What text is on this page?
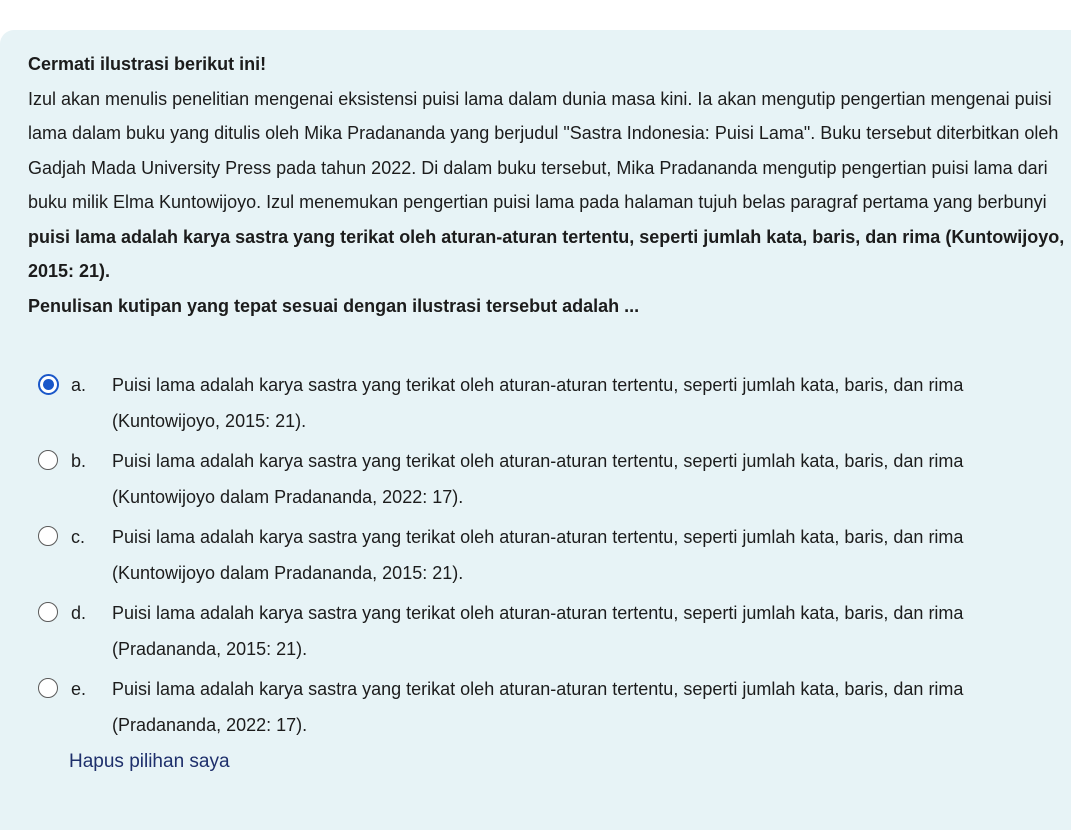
Cermati ilustrasi berikut ini!

Izul akan menulis penelitian mengenai eksistensi puisi lama dalam dunia masa kini. Ia akan mengutip pengertian mengenai puisi lama dalam buku yang ditulis oleh Mika Pradananda yang berjudul "Sastra Indonesia: Puisi Lama". Buku tersebut diterbitkan oleh Gadjah Mada University Press pada tahun 2022. Di dalam buku tersebut, Mika Pradananda mengutip pengertian puisi lama dari buku milik Elma Kuntowijoyo. Izul menemukan pengertian puisi lama pada halaman tujuh belas paragraf pertama yang berbunyi puisi lama adalah karya sastra yang terikat oleh aturan-aturan tertentu, seperti jumlah kata, baris, dan rima (Kuntowijoyo, 2015: 21).

Penulisan kutipan yang tepat sesuai dengan ilustrasi tersebut adalah ...

a.	Puisi lama adalah karya sastra yang terikat oleh aturan-aturan tertentu, seperti jumlah kata, baris, dan rima (Kuntowijoyo, 2015: 21).
b.	Puisi lama adalah karya sastra yang terikat oleh aturan-aturan tertentu, seperti jumlah kata, baris, dan rima (Kuntowijoyo dalam Pradananda, 2022: 17).
c.	Puisi lama adalah karya sastra yang terikat oleh aturan-aturan tertentu, seperti jumlah kata, baris, dan rima (Kuntowijoyo dalam Pradananda, 2015: 21).
d.	Puisi lama adalah karya sastra yang terikat oleh aturan-aturan tertentu, seperti jumlah kata, baris, dan rima (Pradananda, 2015: 21).
e.	Puisi lama adalah karya sastra yang terikat oleh aturan-aturan tertentu, seperti jumlah kata, baris, dan rima (Pradananda, 2022: 17).
Hapus pilihan saya
